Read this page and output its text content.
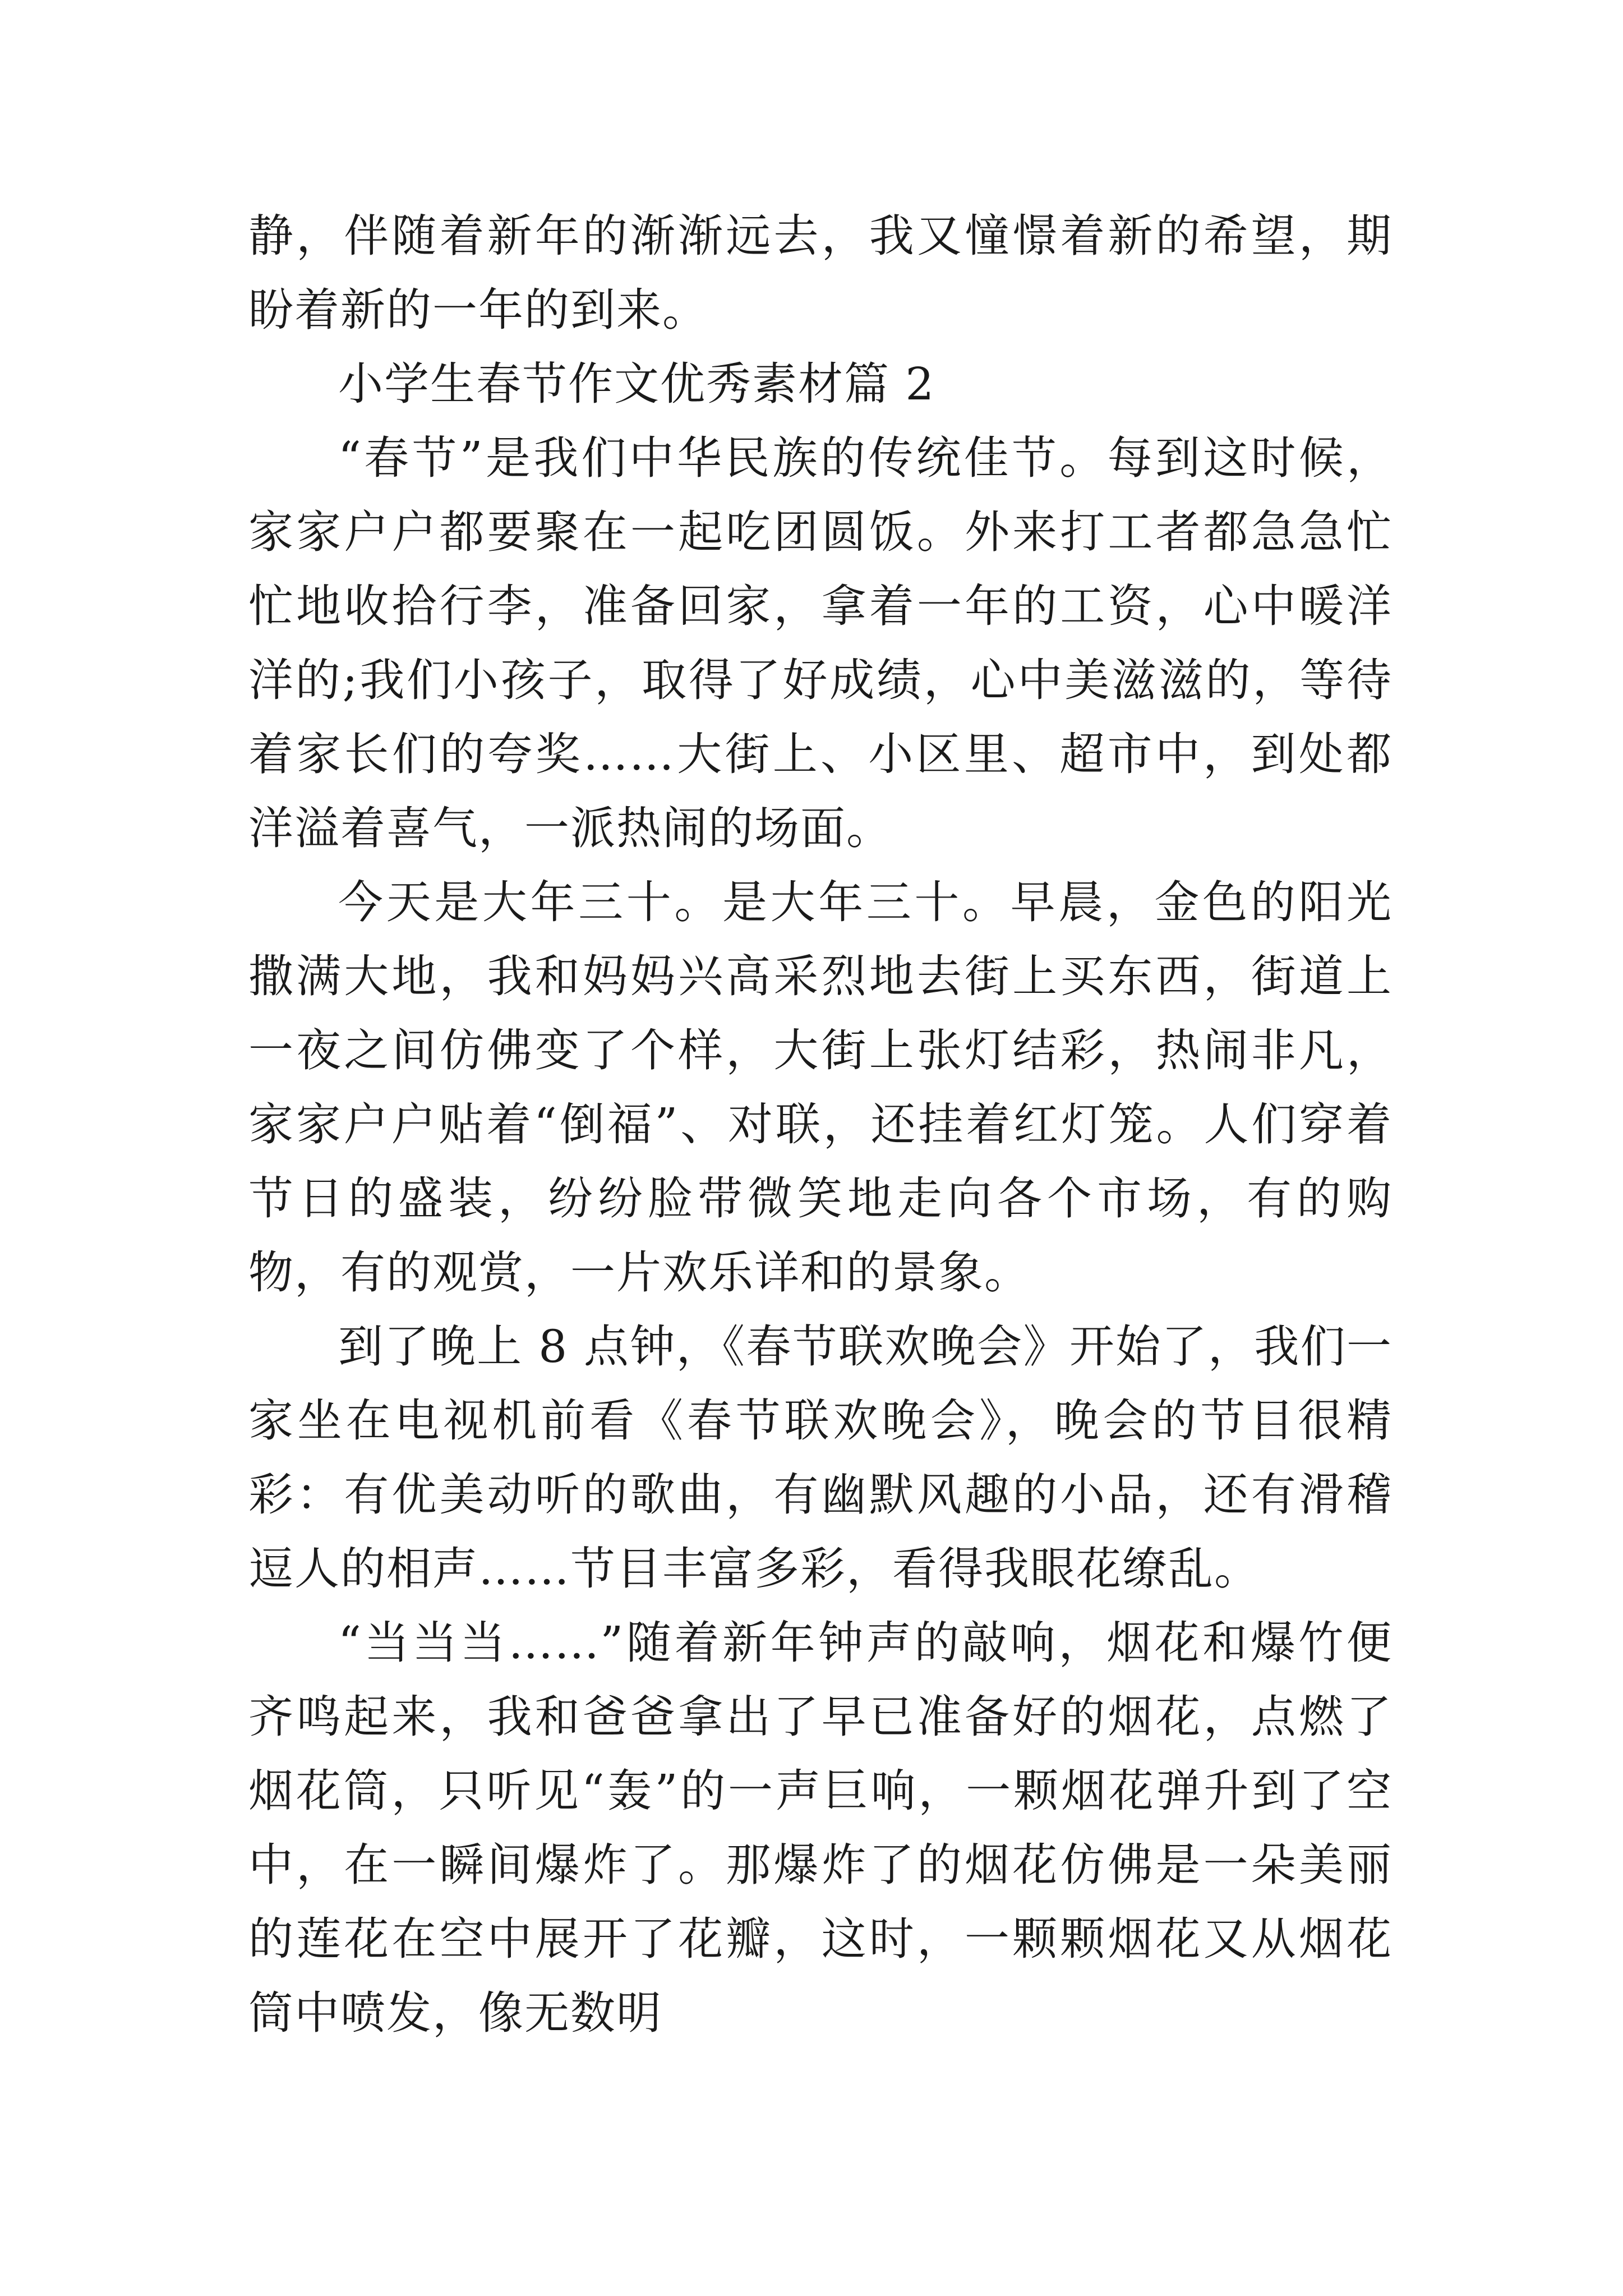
静，伴随着新年的渐渐远去，我又憧憬着新的希望，期盼着新的一年的到来。

小学生春节作文优秀素材篇 2

“春节”是我们中华民族的传统佳节。每到这时候，家家户户都要聚在一起吃团圆饭。外来打工者都急急忙忙地收拾行李，准备回家，拿着一年的工资，心中暖洋洋的;我们小孩子，取得了好成绩，心中美滋滋的，等待着家长们的夸奖……大街上、小区里、超市中，到处都洋溢着喜气，一派热闹的场面。

今天是大年三十。是大年三十。早晨，金色的阳光撒满大地，我和妈妈兴高采烈地去街上买东西，街道上一夜之间仿佛变了个样，大街上张灯结彩，热闹非凡，家家户户贴着“倒福”、对联，还挂着红灯笼。人们穿着节日的盛装，纷纷脸带微笑地走向各个市场，有的购物，有的观赏，一片欢乐详和的景象。

到了晚上 8 点钟，《春节联欢晚会》开始了，我们一家坐在电视机前看《春节联欢晚会》，晚会的节目很精彩：有优美动听的歌曲，有幽默风趣的小品，还有滑稽逗人的相声……节目丰富多彩，看得我眼花缭乱。

“当当当……”随着新年钟声的敲响，烟花和爆竹便齐鸣起来，我和爸爸拿出了早已准备好的烟花，点燃了烟花筒，只听见“轰”的一声巨响，一颗烟花弹升到了空中，在一瞬间爆炸了。那爆炸了的烟花仿佛是一朵美丽的莲花在空中展开了花瓣，这时，一颗颗烟花又从烟花筒中喷发，像无数明
